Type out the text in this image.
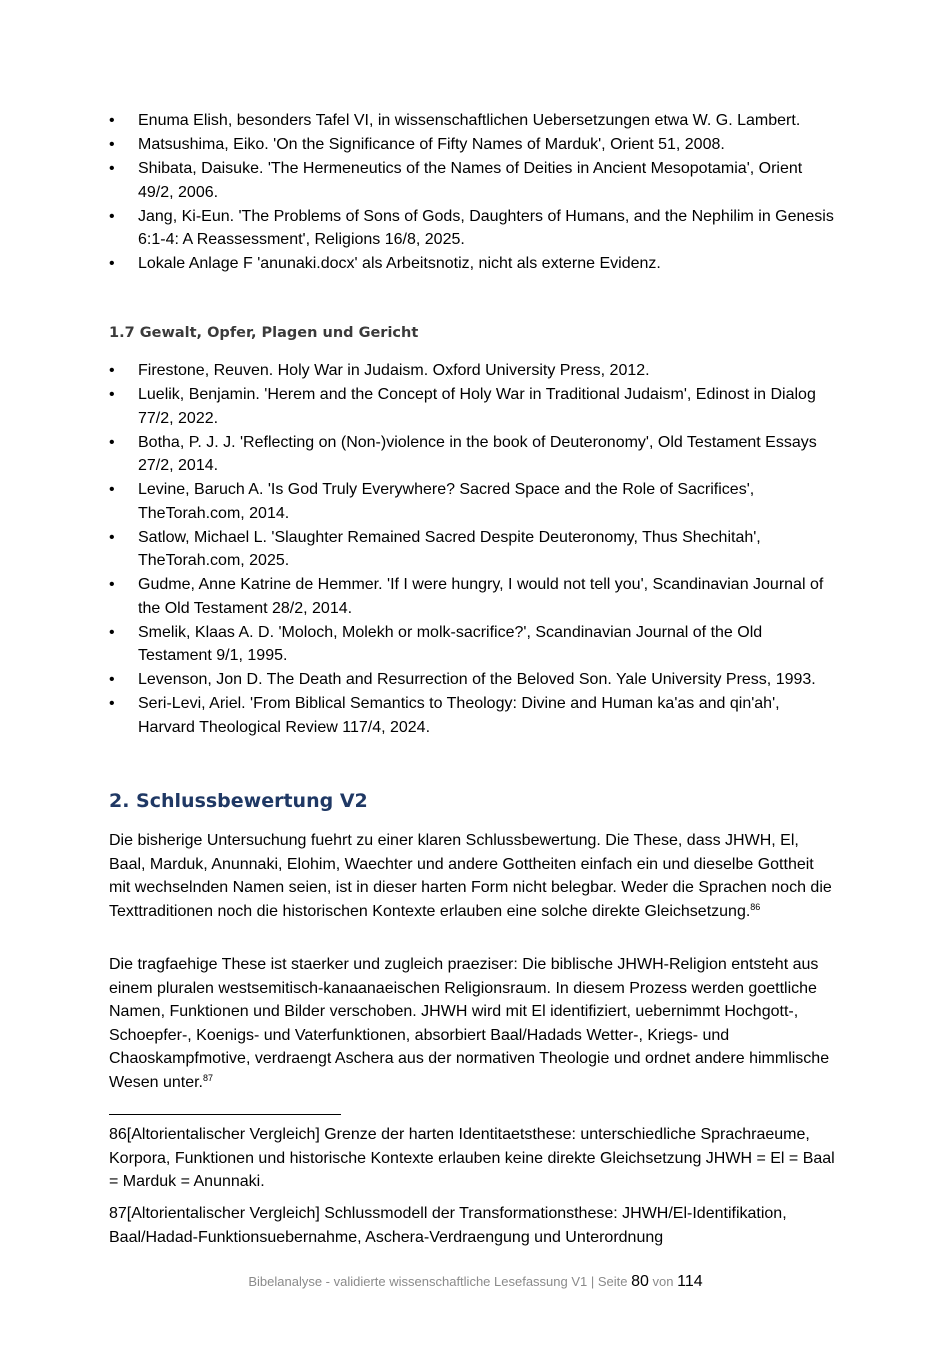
•	Enuma Elish, besonders Tafel VI, in wissenschaftlichen Uebersetzungen etwa W. G. Lambert.
•	Matsushima, Eiko. 'On the Significance of Fifty Names of Marduk', Orient 51, 2008.
•	Shibata, Daisuke. 'The Hermeneutics of the Names of Deities in Ancient Mesopotamia', Orient 49/2, 2006.
•	Jang, Ki-Eun. 'The Problems of Sons of Gods, Daughters of Humans, and the Nephilim in Genesis 6:1-4: A Reassessment', Religions 16/8, 2025.
•	Lokale Anlage F 'anunaki.docx' als Arbeitsnotiz, nicht als externe Evidenz.
1.7 Gewalt, Opfer, Plagen und Gericht
•	Firestone, Reuven. Holy War in Judaism. Oxford University Press, 2012.
•	Luelik, Benjamin. 'Herem and the Concept of Holy War in Traditional Judaism', Edinost in Dialog 77/2, 2022.
•	Botha, P. J. J. 'Reflecting on (Non-)violence in the book of Deuteronomy', Old Testament Essays 27/2, 2014.
•	Levine, Baruch A. 'Is God Truly Everywhere? Sacred Space and the Role of Sacrifices', TheTorah.com, 2014.
•	Satlow, Michael L. 'Slaughter Remained Sacred Despite Deuteronomy, Thus Shechitah', TheTorah.com, 2025.
•	Gudme, Anne Katrine de Hemmer. 'If I were hungry, I would not tell you', Scandinavian Journal of the Old Testament 28/2, 2014.
•	Smelik, Klaas A. D. 'Moloch, Molekh or molk-sacrifice?', Scandinavian Journal of the Old Testament 9/1, 1995.
•	Levenson, Jon D. The Death and Resurrection of the Beloved Son. Yale University Press, 1993.
•	Seri-Levi, Ariel. 'From Biblical Semantics to Theology: Divine and Human ka'as and qin'ah', Harvard Theological Review 117/4, 2024.
2. Schlussbewertung V2

Die bisherige Untersuchung fuehrt zu einer klaren Schlussbewertung. Die These, dass JHWH, El, Baal, Marduk, Anunnaki, Elohim, Waechter und andere Gottheiten einfach ein und dieselbe Gottheit mit wechselnden Namen seien, ist in dieser harten Form nicht belegbar. Weder die Sprachen noch die Texttraditionen noch die historischen Kontexte erlauben eine solche direkte Gleichsetzung.$^{86}$

Die tragfaehige These ist staerker und zugleich praeziser: Die biblische JHWH-Religion entsteht aus einem pluralen westsemitisch-kanaanaeischen Religionsraum. In diesem Prozess werden goettliche Namen, Funktionen und Bilder verschoben. JHWH wird mit El identifiziert, uebernimmt Hochgott-, Schoepfer-, Koenigs- und Vaterfunktionen, absorbiert Baal/Hadads Wetter-, Kriegs- und Chaoskampfmotive, verdraengt Aschera aus der normativen Theologie und ordnet andere himmlische Wesen unter.$^{87}$

86[Altorientalischer Vergleich] Grenze der harten Identitaetsthese: unterschiedliche Sprachraeume, Korpora, Funktionen und historische Kontexte erlauben keine direkte Gleichsetzung JHWH = El = Baal = Marduk = Anunnaki.

87[Altorientalischer Vergleich] Schlussmodell der Transformationsthese: JHWH/El-Identifikation, Baal/Hadad-Funktionsuebernahme, Aschera-Verdraengung und Unterordnung

Bibelanalyse - validierte wissenschaftliche Lesefassung V1 | Seite 80 von 114
